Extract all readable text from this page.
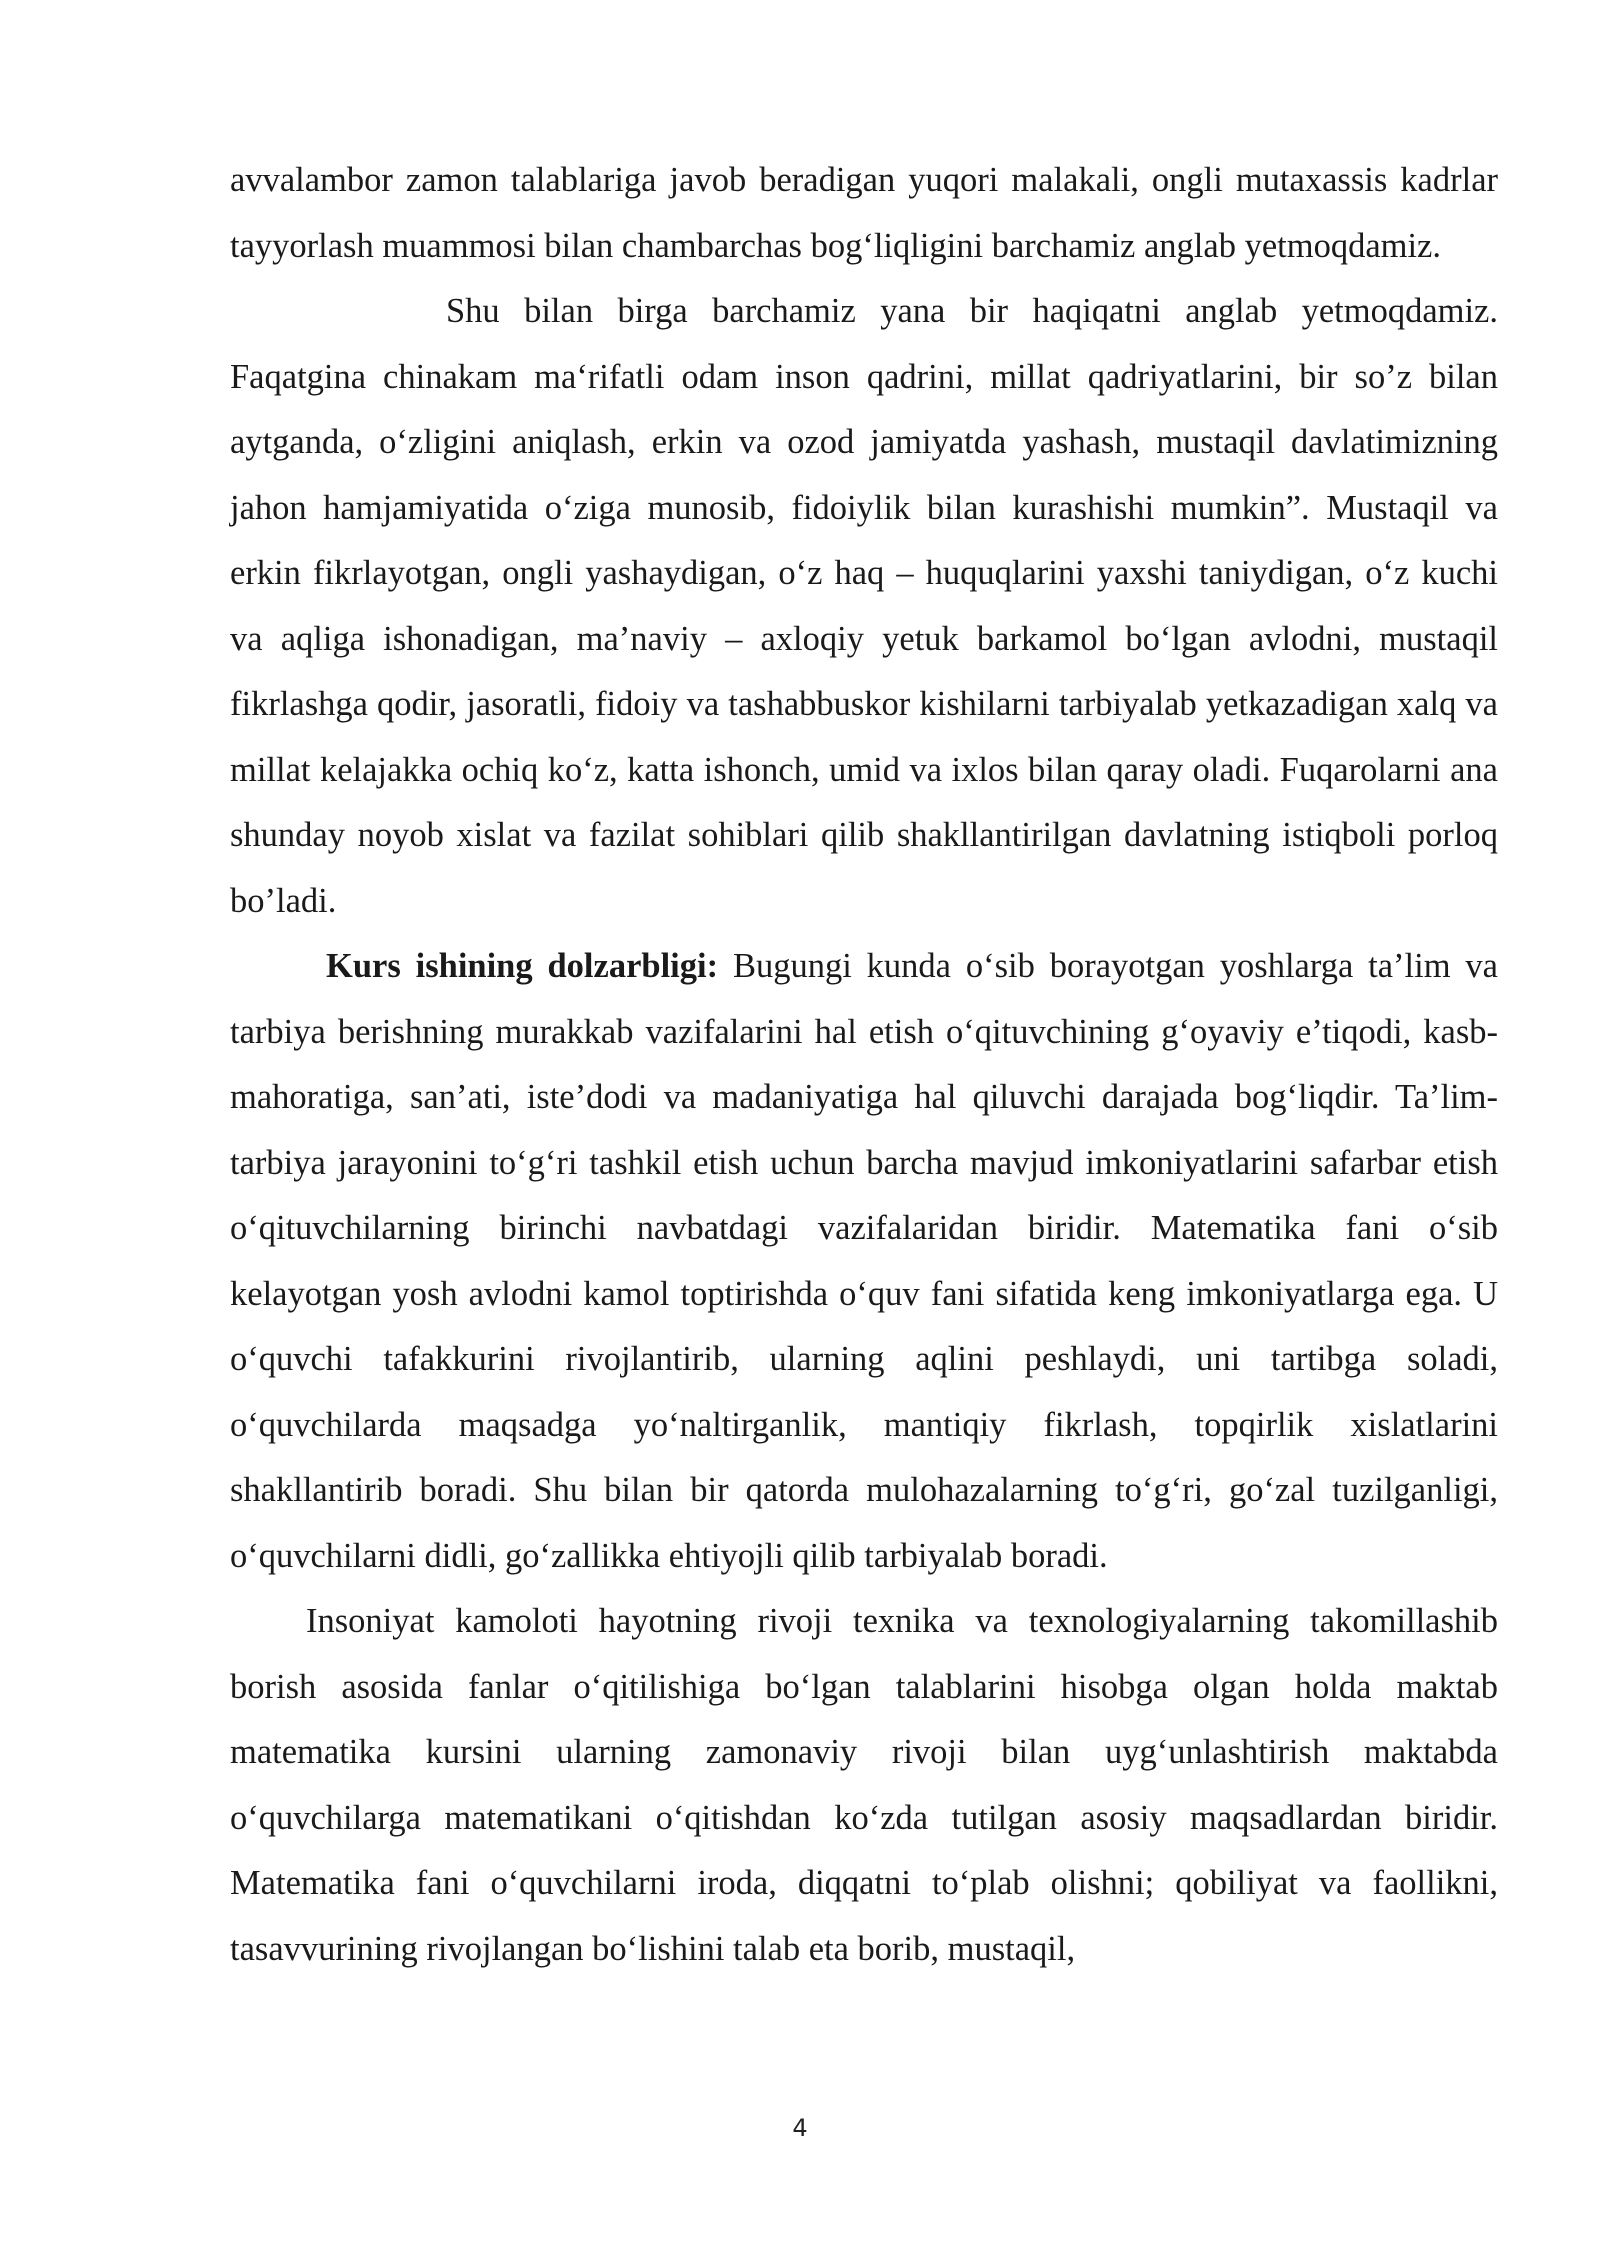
avvalambor zamon talablariga javob beradigan yuqori malakali, ongli mutaxassis kadrlar tayyorlash muammosi bilan chambarchas bog‘liqligini barchamiz anglab yetmoqdamiz.

Shu bilan birga barchamiz yana bir haqiqatni anglab yetmoqdamiz. Faqatgina chinakam ma‘rifatli odam inson qadrini, millat qadriyatlarini, bir so’z bilan aytganda, o‘zligini aniqlash, erkin va ozod jamiyatda yashash, mustaqil davlatimizning jahon hamjamiyatida o‘ziga munosib, fidoiylik bilan kurashishi mumkin”. Mustaqil va erkin fikrlayotgan, ongli yashaydigan, o‘z haq – huquqlarini yaxshi taniydigan, o‘z kuchi va aqliga ishonadigan, ma’naviy – axloqiy yetuk barkamol bo‘lgan avlodni, mustaqil fikrlashga qodir, jasoratli, fidoiy va tashabbuskor kishilarni tarbiyalab yetkazadigan xalq va millat kelajakka ochiq ko‘z, katta ishonch, umid va ixlos bilan qaray oladi. Fuqarolarni ana shunday noyob xislat va fazilat sohiblari qilib shakllantirilgan davlatning istiqboli porloq bo’ladi.

Kurs ishining dolzarbligi: Bugungi kunda o‘sib borayotgan yoshlarga ta’lim va tarbiya berishning murakkab vazifalarini hal etish o‘qituvchining g‘oyaviy e’tiqodi, kasb-mahoratiga, san’ati, iste’dodi va madaniyatiga hal qiluvchi darajada bog‘liqdir. Ta’lim-tarbiya jarayonini to‘g‘ri tashkil etish uchun barcha mavjud imkoniyatlarini safarbar etish o‘qituvchilarning birinchi navbatdagi vazifalaridan biridir. Matematika fani o‘sib kelayotgan yosh avlodni kamol toptirishda o‘quv fani sifatida keng imkoniyatlarga ega. U o‘quvchi tafakkurini rivojlantirib, ularning aqlini peshlaydi, uni tartibga soladi, o‘quvchilarda maqsadga yo‘naltirganlik, mantiqiy fikrlash, topqirlik xislatlarini shakllantirib boradi. Shu bilan bir qatorda mulohazalarning to‘g‘ri, go‘zal tuzilganligi, o‘quvchilarni didli, go‘zallikka ehtiyojli qilib tarbiyalab boradi.

Insoniyat kamoloti hayotning rivoji texnika va texnologiyalarning takomillashib borish asosida fanlar o‘qitilishiga bo‘lgan talablarini hisobga olgan holda maktab matematika kursini ularning zamonaviy rivoji bilan uyg‘unlashtirish maktabda o‘quvchilarga matematikani o‘qitishdan ko‘zda tutilgan asosiy maqsadlardan biridir. Matematika fani o‘quvchilarni iroda, diqqatni to‘plab olishni; qobiliyat va faollikni, tasavvurining rivojlangan bo‘lishini talab eta borib, mustaqil,

4
